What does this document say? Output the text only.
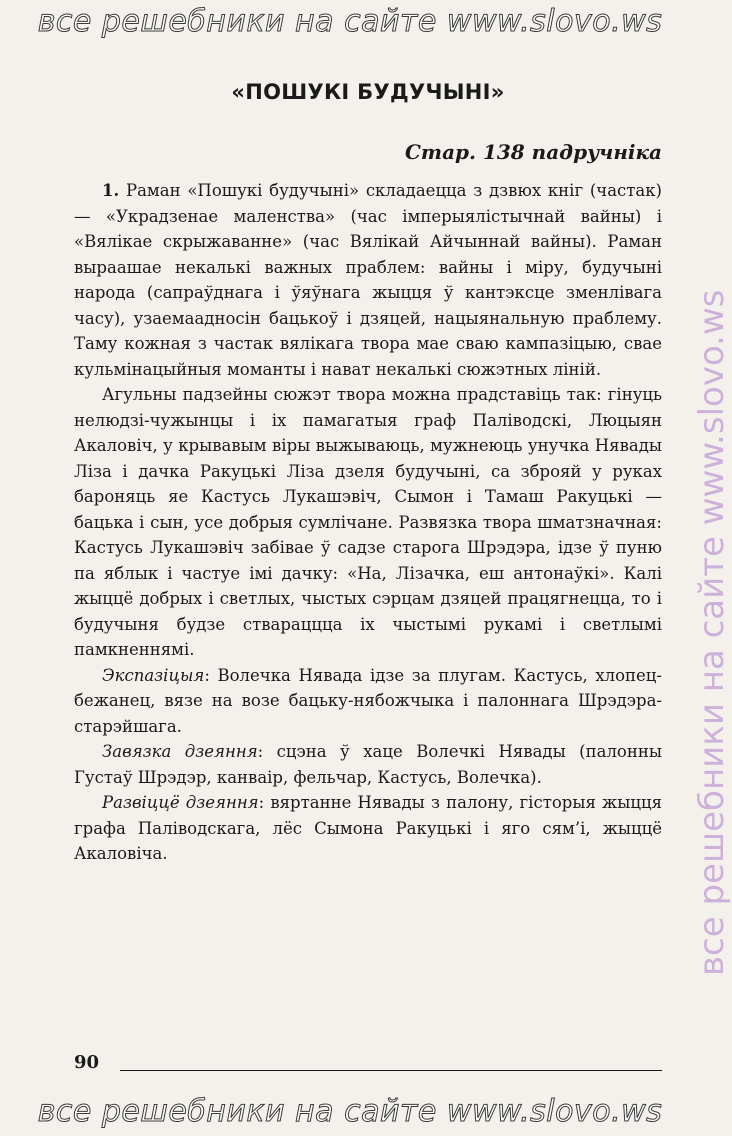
все решебники на сайте www.slovo.ws
все решебники на сайте www.slovo.ws
«ПОШУКІ БУДУЧЫНІ»
Стар. 138 падручніка

1. Раман «Пошукі будучыні» складаецца з дзвюх кніг (частак) — «Украдзенае маленства» (час імперыялістычнай вайны) і «Вялікае скрыжаванне» (час Вялікай Айчыннай вайны). Раман выраашае некалькі важных праблем: вайны і міру, будучыні народа (сапраўднага і ўяўнага жыцця ў кантэксце зменлівага часу), узаемаадносін бацькоў і дзяцей, нацыянальную праблему. Таму кожная з частак вялікага твора мае сваю кампазіцыю, свае кульмінацыйныя моманты і нават некалькі сюжэтных ліній.

Агульны падзейны сюжэт твора можна прадставіць так: гінуць нелюдзі-чужынцы і іх памагатыя граф Паліводскі, Люцыян Акаловіч, у крывавым віры выжываюць, мужнеюць унучка Нявады Ліза і дачка Ракуцькі Ліза дзеля будучыні, са зброяй у руках бароняць яе Кастусь Лукашэвіч, Сымон і Тамаш Ракуцькі — бацька і сын, усе добрыя сумлічане. Развязка твора шматзначная: Кастусь Лукашэвіч забівае ў садзе старога Шрэдэра, ідзе ў пуню па яблык і частуе імі дачку: «На, Лізачка, еш антонаўкі». Калі жыццё добрых і светлых, чыстых сэрцам дзяцей працягнецца, то і будучыня будзе ствараццца іх чыстымі рукамі і светлымі памкненнямі.

Экспазіцыя: Волечка Нявада ідзе за плугам. Кастусь, хлопец-бежанец, вязе на возе бацьку-нябожчыка і палоннага Шрэдэра-старэйшага.

Завязка дзеяння: сцэна ў хаце Волечкі Нявады (палонны Густаў Шрэдэр, канваір, фельчар, Кастусь, Волечка).

Развіццё дзеяння: вяртанне Нявады з палону, гісторыя жыцця графа Паліводскага, лёс Сымона Ракуцькі і яго сям’і, жыццё Акаловіча.

90
все решебники на сайте www.slovo.ws
